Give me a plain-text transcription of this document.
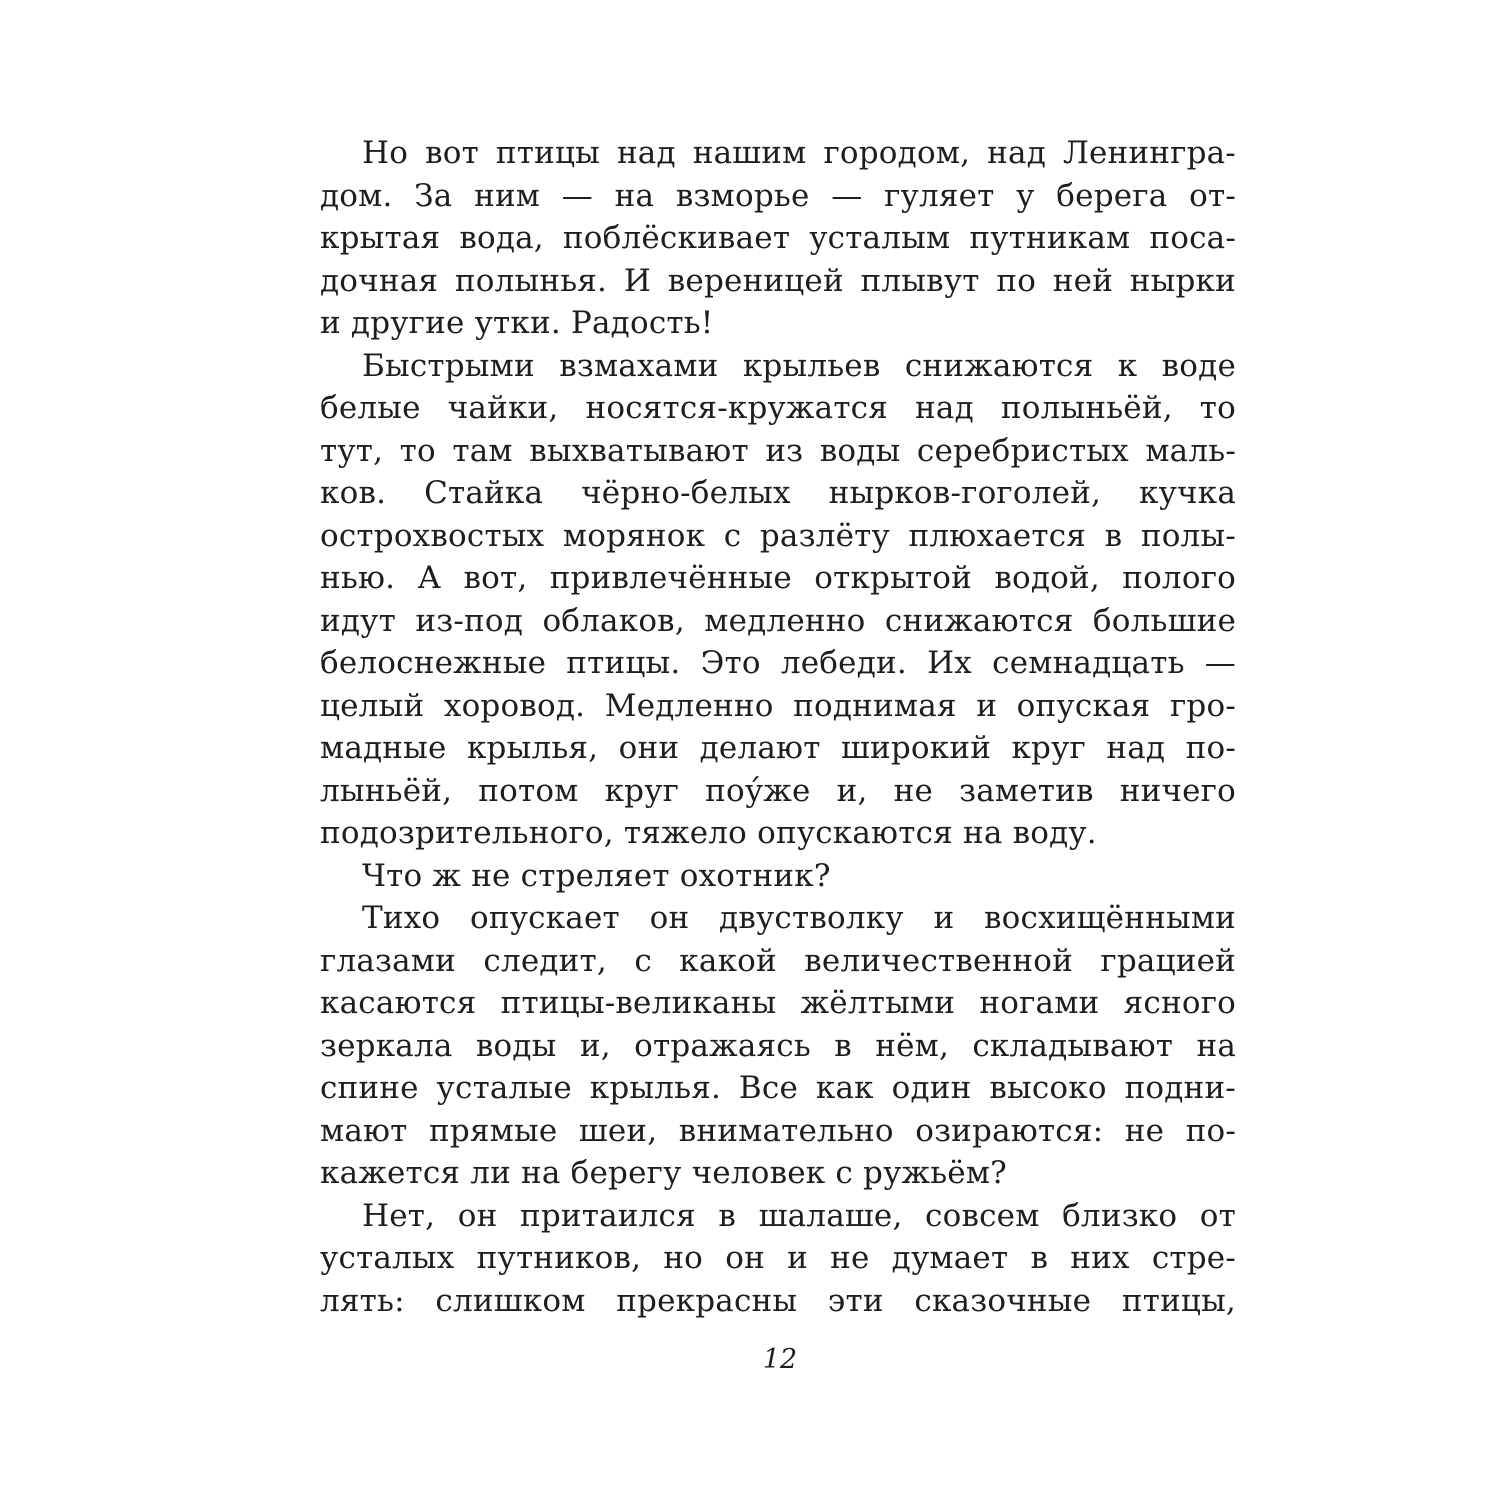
Но вот птицы над нашим городом, над Ленингра-
дом. За ним — на взморье — гуляет у берега от-
крытая вода, поблёскивает усталым путникам поса-
дочная полынья. И вереницей плывут по ней нырки
и другие утки. Радость!
Быстрыми взмахами крыльев снижаются к воде
белые чайки, носятся-кружатся над полыньёй, то
тут, то там выхватывают из воды серебристых маль-
ков. Стайка чёрно-белых нырков-гоголей, кучка
острохвостых морянок с разлёту плюхается в полы-
нью. А вот, привлечённые открытой водой, полого
идут из-под облаков, медленно снижаются большие
белоснежные птицы. Это лебеди. Их семнадцать —
целый хоровод. Медленно поднимая и опуская гро-
мадные крылья, они делают широкий круг над по-
лыньёй, потом круг поу́же и, не заметив ничего
подозрительного, тяжело опускаются на воду.
Что ж не стреляет охотник?
Тихо опускает он двустволку и восхищёнными
глазами следит, с какой величественной грацией
касаются птицы-великаны жёлтыми ногами ясного
зеркала воды и, отражаясь в нём, складывают на
спине усталые крылья. Все как один высоко подни-
мают прямые шеи, внимательно озираются: не по-
кажется ли на берегу человек с ружьём?
Нет, он притаился в шалаше, совсем близко от
усталых путников, но он и не думает в них стре-
лять: слишком прекрасны эти сказочные птицы,
12
